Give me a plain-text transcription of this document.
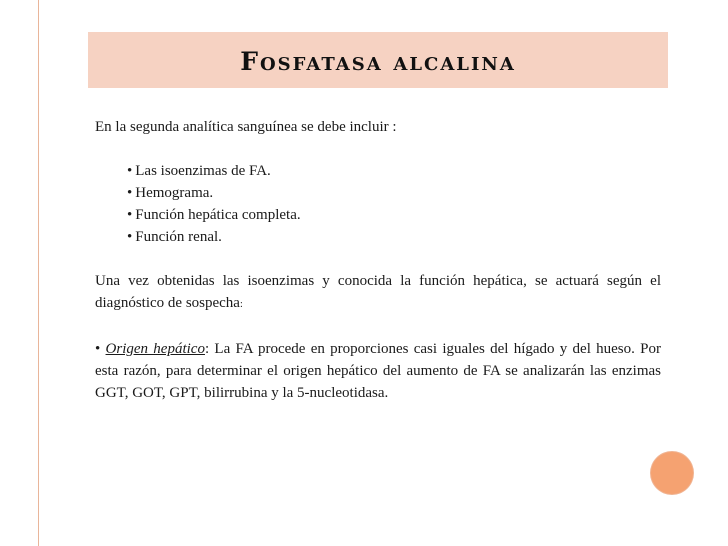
Fosfatasa alcalina

En la segunda analítica sanguínea se debe incluir :

• Las isoenzimas de FA.
• Hemograma.
• Función hepática completa.
• Función renal.

Una vez obtenidas las isoenzimas y conocida la función hepática, se actuará según el diagnóstico de sospecha:

• Origen hepático: La FA procede en proporciones casi iguales del hígado y del hueso. Por esta razón, para determinar el origen hepático del aumento de FA se analizarán las enzimas GGT, GOT, GPT, bilirrubina y la 5-nucleotidasa.
